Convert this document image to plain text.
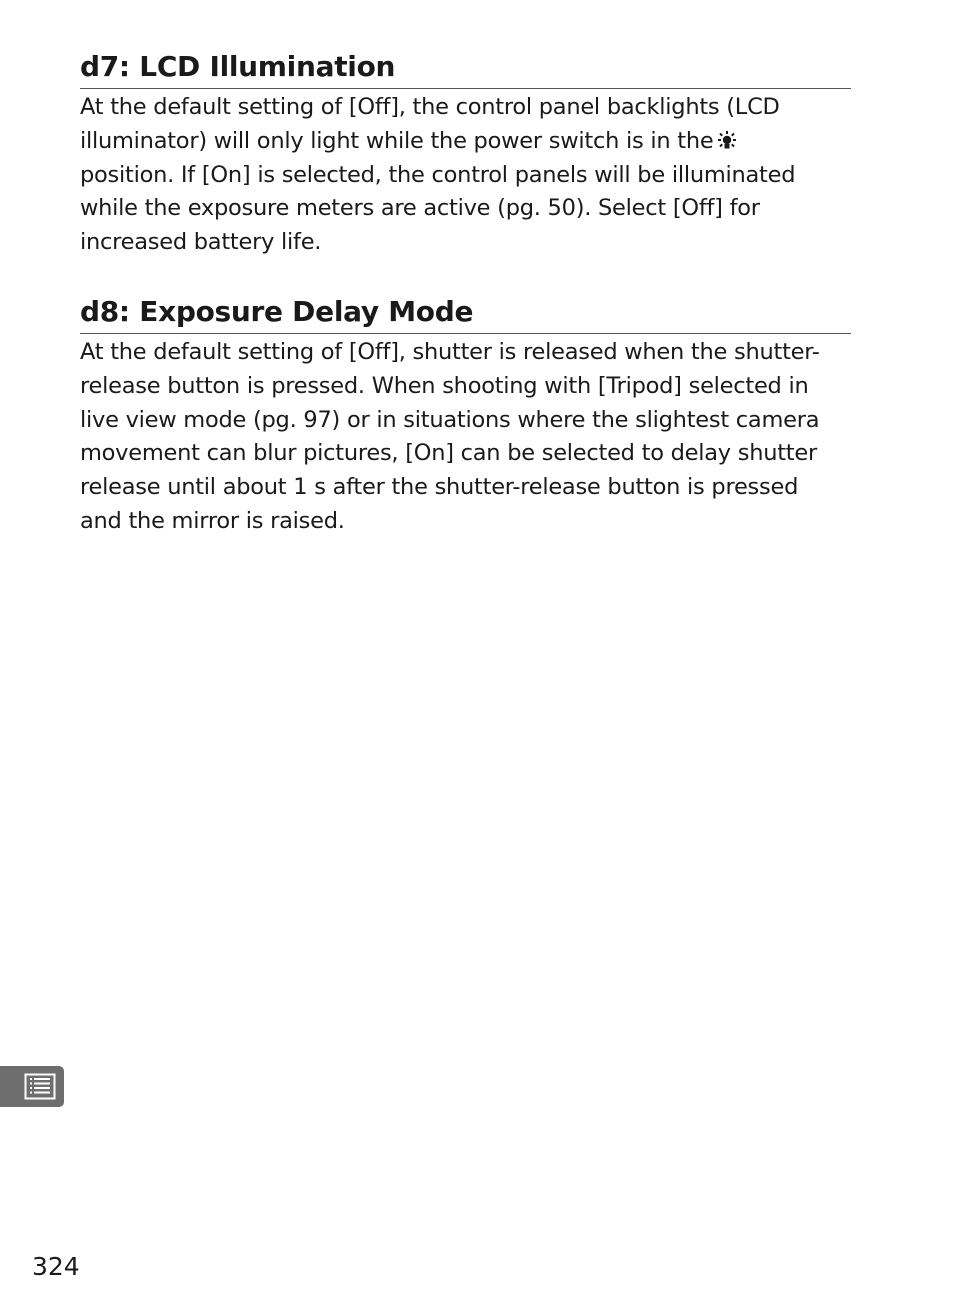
d7: LCD Illumination

At the default setting of [Off], the control panel backlights (LCD
illuminator) will only light while the power switch is in the
position. If [On] is selected, the control panels will be illuminated
while the exposure meters are active (pg. 50). Select [Off] for
increased battery life.

d8: Exposure Delay Mode

At the default setting of [Off], shutter is released when the shutter-
release button is pressed. When shooting with [Tripod] selected in
live view mode (pg. 97) or in situations where the slightest camera
movement can blur pictures, [On] can be selected to delay shutter
release until about 1 s after the shutter-release button is pressed
and the mirror is raised.

324
